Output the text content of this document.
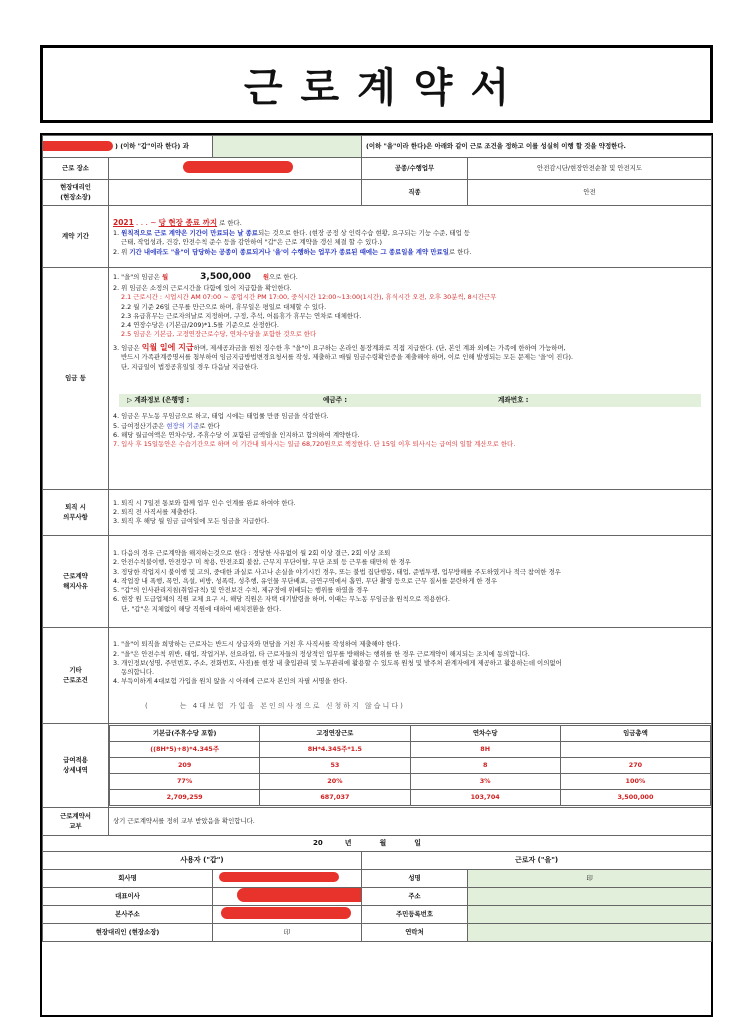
근로계약서
) (이하 "갑"이라 한다) 과		(이하 "을"이라 한다)은 아래와 같이 근로 조건을 정하고 이를 성실히 이행 할 것을 약정한다.
근로 장소		공종/수행업무	안전감시단/현장안전순찰 및 안전지도
현장대리인
(현장소장)		직종	안전
계약 기간	
2021 . . . ~ 당 현장 종료 까지 로 한다.
1. 원칙적으로 근로 계약은 기간이 만료되는 날 종료되는 것으로 한다. (현장 공정 상 인력수습 현황, 요구되는 기능 수준, 태업 등
근태, 작업성과, 건강, 안전수칙 준수 등을 감안하여 "갑"은 근로 계약을 갱신 체결 할 수 있다.)
2. 위 기간 내에라도 "을"이 담당하는 공종이 종료되거나 '을'이 수행하는 업무가 종료된 때에는 그 종료일을 계약 만료일로 한다.

임금 등	
1. "을"의 임금은 월	3,500,000 원으로 한다.
2. 위 임금은 소정의 근로시간을 다함에 있어 지급함을 확인한다.
2.1 근로시간 : 시업시간 AM 07:00 ~ 종업시간 PM 17:00, 중식시간 12:00~13:00(1시간), 휴식시간 오전, 오후 30분씩, 8시간근무
2.2 월 기준 26일 근무를 만근으로 하며, 휴무일은 평일로 대체할 수 있다.
2.3 유급휴무는 근로자의날로 지정하며, 구정, 추석, 어름휴가 휴무는 연차로 대체한다.
2.4 연장수당은 (기본급/209)*1.5를 기준으로 산정한다.
2.5 임금은 기본급, 고정연장근로수당, 연차수당을 포함한 것으로 한다
3. 임금은 익월 일에 지급하며, 제세공과금을 원천 징수한 후 "을"이 요구하는 온라인 통장계좌로 직접 지급한다. (단, 본인 계좌 외에는 가족에 한하여 가능하며,
반드시 가족관계증명서를 첨부하여 임금지급방법변경요청서를 작성, 제출하고 매월 임금수령확인증을 제출해야 하며, 이로 인해 발생되는 모든 문제는 '을'이 진다).
단, 지급일이 법정공휴일일 경우 다음날 지급한다.
▷ 계좌정보 (은행명 :	예금주 :	계좌번호 :
4. 임금은 무노동 무임금으로 하고, 태업 시에는 태업률 만큼 임금을 삭감한다.
5. 급여정산기준은 현장의 기준로 한다
6. 해당 월급여액은 연차수당, 주휴수당 이 포함된 금액임을 인지하고 합의하여 계약한다.
7. 입사 후 15일동안은 수습기간으로 하며 이 기간내 퇴사시는 일급 68,720원으로 책정한다. 단 15일 이후 퇴사시는 급여의 일할 계산으로 한다.

퇴직 시
의무사항	
1. 퇴직 시 7일전 통보와 함께 업무 인수 인계를 완료 하여야 한다.
2. 퇴직 전 사직서를 제출한다.
3. 퇴직 후 해당 월 임금 급여일에 모든 임금을 지급한다.

근로계약
해지사유	
1. 다음의 경우 근로계약을 해지하는것으로 한다 : 정당한 사유없이 월 2회 이상 결근, 2회 이상 조퇴
2. 안전수칙불이행, 안전장구 미 착용, 안전조회 불참, 근무지 무단이탈, 무단 조퇴 등 근무를 태만히 한 경우
3. 정당한 작업지시 불이행 및 고의, 중대한 과실로 사고나 손실을 야기시킨 경우, 또는 불법 집단행동, 태업, 준법투쟁, 업무방해를 주도하였거나 적극 참여한 경우
4. 작업장 내 폭행, 폭언, 욕설, 비방, 성폭력, 성추행, 유인물 무단배포, 금연구역에서 흡연, 무단 촬영 등으로 근무 질서를 문란하게 한 경우
5. "갑"의 인사관리지침(취업규칙) 및 안전보건 수칙, 제규정에 위배되는 행위를 하였을 경우
6. 현장 원 도급업체의 직원 교체 요구 시, 해당 직원은 자택 대기발령을 하며, 이때는 무노동 무임금을 원칙으로 적용한다.
단, "갑"은 지체없이 해당 직원에 대하여 배치전환을 한다.

기타
근로조건	
1. "을"이 퇴직을 희망하는 근로자는 반드시 상급자와 면담을 거친 후 사직서를 작성하여 제출해야 한다.
2. "을"은 안전수칙 위반, 태업, 작업거부, 선요라업, 타 근로자들의 정상적인 업무를 방해하는 행위를 한 경우 근로계약이 해지되는 조치에 동의합니다.
3. 개인정보(성명, 주민번호, 주소, 전화번호, 사진)를 현장 내 출입관리 및 노무관리에 활용할 수 있도록 원청 및 발주처 관계자에게 제공하고 활용하는데 이의없어
동의합니다.
4. 부득이하게 4대보험 가입을 원치 않을 시 아래에 근로자 본인의 자필 서명을 한다.
(	는 4대보험 가입을 본인의사정으로 신청하지 않습니다)

급여적용
상세내역	
기본급(주휴수당 포함)	고정연장근로	연차수당	임금총액
((8H*5)+8)*4.345주	8H*4.345주*1.5	8H	
209	53	8	270
77%	20%	3%	100%
2,709,259	687,037	103,704	3,500,000

근로계약서
교부	상기 근로계약서를 정히 교부 받았음을 확인합니다.
20	년	월	일
사용자 ("갑")	근로자 ("을")
회사명		성명	印
대표이사		주소	
본사주소		주민등록번호	
현장대리인 (현장소장)	印	연락처	
